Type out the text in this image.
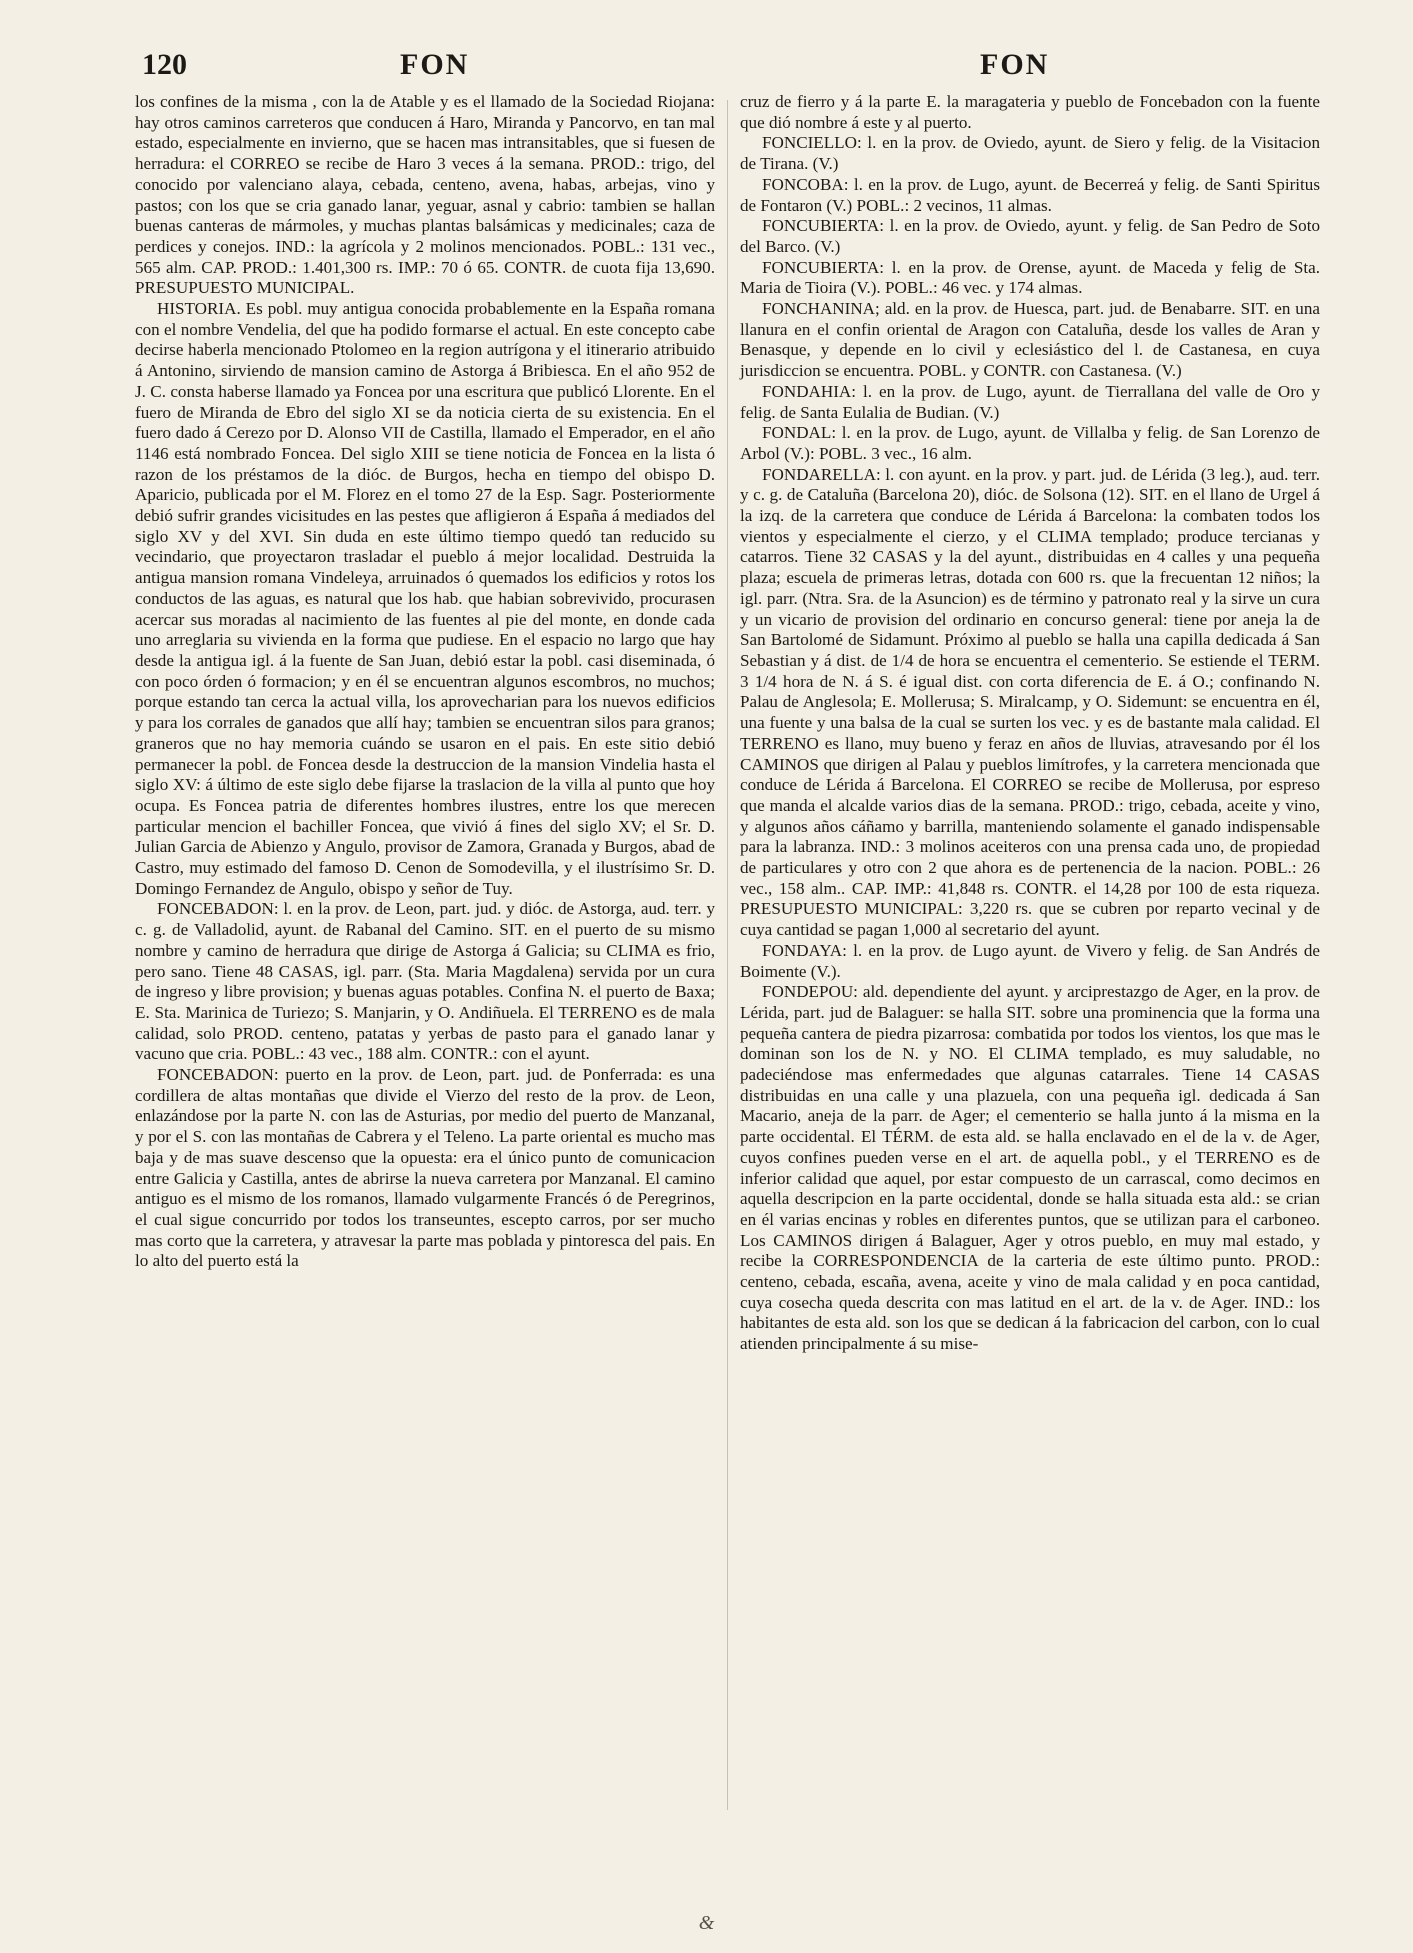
120	FON	FON

los confines de la misma , con la de Atable y es el llamado de la Sociedad Riojana: hay otros caminos carreteros que conducen á Haro, Miranda y Pancorvo, en tan mal estado, especialmente en invierno, que se hacen mas intransitables, que si fuesen de herradura: el CORREO se recibe de Haro 3 veces á la semana. PROD.: trigo, del conocido por valenciano alaya, cebada, centeno, avena, habas, arbejas, vino y pastos; con los que se cria ganado lanar, yeguar, asnal y cabrio: tambien se hallan buenas canteras de mármoles, y muchas plantas balsámicas y medicinales; caza de perdices y conejos. IND.: la agrícola y 2 molinos mencionados. POBL.: 131 vec., 565 alm. CAP. PROD.: 1.401,300 rs. IMP.: 70 ó 65. CONTR. de cuota fija 13,690. PRESUPUESTO MUNICIPAL.

HISTORIA. Es pobl. muy antigua conocida probablemente en la España romana con el nombre Vendelia, del que ha podido formarse el actual. En este concepto cabe decirse haberla mencionado Ptolomeo en la region autrígona y el itinerario atribuido á Antonino, sirviendo de mansion camino de Astorga á Bribiesca. En el año 952 de J. C. consta haberse llamado ya Foncea por una escritura que publicó Llorente. En el fuero de Miranda de Ebro del siglo XI se da noticia cierta de su existencia. En el fuero dado á Cerezo por D. Alonso VII de Castilla, llamado el Emperador, en el año 1146 está nombrado Foncea. Del siglo XIII se tiene noticia de Foncea en la lista ó razon de los préstamos de la dióc. de Burgos, hecha en tiempo del obispo D. Aparicio, publicada por el M. Florez en el tomo 27 de la Esp. Sagr. Posteriormente debió sufrir grandes vicisitudes en las pestes que afligieron á España á mediados del siglo XV y del XVI. Sin duda en este último tiempo quedó tan reducido su vecindario, que proyectaron trasladar el pueblo á mejor localidad. Destruida la antigua mansion romana Vindeleya, arruinados ó quemados los edificios y rotos los conductos de las aguas, es natural que los hab. que habian sobrevivido, procurasen acercar sus moradas al nacimiento de las fuentes al pie del monte, en donde cada uno arreglaria su vivienda en la forma que pudiese. En el espacio no largo que hay desde la antigua igl. á la fuente de San Juan, debió estar la pobl. casi diseminada, ó con poco órden ó formacion; y en él se encuentran algunos escombros, no muchos; porque estando tan cerca la actual villa, los aprovecharian para los nuevos edificios y para los corrales de ganados que allí hay; tambien se encuentran silos para granos; graneros que no hay memoria cuándo se usaron en el pais. En este sitio debió permanecer la pobl. de Foncea desde la destruccion de la mansion Vindelia hasta el siglo XV: á último de este siglo debe fijarse la traslacion de la villa al punto que hoy ocupa. Es Foncea patria de diferentes hombres ilustres, entre los que merecen particular mencion el bachiller Foncea, que vivió á fines del siglo XV; el Sr. D. Julian Garcia de Abienzo y Angulo, provisor de Zamora, Granada y Burgos, abad de Castro, muy estimado del famoso D. Cenon de Somodevilla, y el ilustrísimo Sr. D. Domingo Fernandez de Angulo, obispo y señor de Tuy.

FONCEBADON: l. en la prov. de Leon, part. jud. y dióc. de Astorga, aud. terr. y c. g. de Valladolid, ayunt. de Rabanal del Camino. SIT. en el puerto de su mismo nombre y camino de herradura que dirige de Astorga á Galicia; su CLIMA es frio, pero sano. Tiene 48 CASAS, igl. parr. (Sta. Maria Magdalena) servida por un cura de ingreso y libre provision; y buenas aguas potables. Confina N. el puerto de Baxa; E. Sta. Marinica de Turiezo; S. Manjarin, y O. Andiñuela. El TERRENO es de mala calidad, solo PROD. centeno, patatas y yerbas de pasto para el ganado lanar y vacuno que cria. POBL.: 43 vec., 188 alm. CONTR.: con el ayunt.

FONCEBADON: puerto en la prov. de Leon, part. jud. de Ponferrada: es una cordillera de altas montañas que divide el Vierzo del resto de la prov. de Leon, enlazándose por la parte N. con las de Asturias, por medio del puerto de Manzanal, y por el S. con las montañas de Cabrera y el Teleno. La parte oriental es mucho mas baja y de mas suave descenso que la opuesta: era el único punto de comunicacion entre Galicia y Castilla, antes de abrirse la nueva carretera por Manzanal. El camino antiguo es el mismo de los romanos, llamado vulgarmente Francés ó de Peregrinos, el cual sigue concurrido por todos los transeuntes, escepto carros, por ser mucho mas corto que la carretera, y atravesar la parte mas poblada y pintoresca del pais. En lo alto del puerto está la

cruz de fierro y á la parte E. la maragateria y pueblo de Foncebadon con la fuente que dió nombre á este y al puerto.

FONCIELLO: l. en la prov. de Oviedo, ayunt. de Siero y felig. de la Visitacion de Tirana. (V.)

FONCOBA: l. en la prov. de Lugo, ayunt. de Becerreá y felig. de Santi Spiritus de Fontaron (V.) POBL.: 2 vecinos, 11 almas.

FONCUBIERTA: l. en la prov. de Oviedo, ayunt. y felig. de San Pedro de Soto del Barco. (V.)

FONCUBIERTA: l. en la prov. de Orense, ayunt. de Maceda y felig de Sta. Maria de Tioira (V.). POBL.: 46 vec. y 174 almas.

FONCHANINA; ald. en la prov. de Huesca, part. jud. de Benabarre. SIT. en una llanura en el confin oriental de Aragon con Cataluña, desde los valles de Aran y Benasque, y depende en lo civil y eclesiástico del l. de Castanesa, en cuya jurisdiccion se encuentra. POBL. y CONTR. con Castanesa. (V.)

FONDAHIA: l. en la prov. de Lugo, ayunt. de Tierrallana del valle de Oro y felig. de Santa Eulalia de Budian. (V.)

FONDAL: l. en la prov. de Lugo, ayunt. de Villalba y felig. de San Lorenzo de Arbol (V.): POBL. 3 vec., 16 alm.

FONDARELLA: l. con ayunt. en la prov. y part. jud. de Lérida (3 leg.), aud. terr. y c. g. de Cataluña (Barcelona 20), dióc. de Solsona (12). SIT. en el llano de Urgel á la izq. de la carretera que conduce de Lérida á Barcelona: la combaten todos los vientos y especialmente el cierzo, y el CLIMA templado; produce tercianas y catarros. Tiene 32 CASAS y la del ayunt., distribuidas en 4 calles y una pequeña plaza; escuela de primeras letras, dotada con 600 rs. que la frecuentan 12 niños; la igl. parr. (Ntra. Sra. de la Asuncion) es de término y patronato real y la sirve un cura y un vicario de provision del ordinario en concurso general: tiene por aneja la de San Bartolomé de Sidamunt. Próximo al pueblo se halla una capilla dedicada á San Sebastian y á dist. de 1/4 de hora se encuentra el cementerio. Se estiende el TERM. 3 1/4 hora de N. á S. é igual dist. con corta diferencia de E. á O.; confinando N. Palau de Anglesola; E. Mollerusa; S. Miralcamp, y O. Sidemunt: se encuentra en él, una fuente y una balsa de la cual se surten los vec. y es de bastante mala calidad. El TERRENO es llano, muy bueno y feraz en años de lluvias, atravesando por él los CAMINOS que dirigen al Palau y pueblos limítrofes, y la carretera mencionada que conduce de Lérida á Barcelona. El CORREO se recibe de Mollerusa, por espreso que manda el alcalde varios dias de la semana. PROD.: trigo, cebada, aceite y vino, y algunos años cáñamo y barrilla, manteniendo solamente el ganado indispensable para la labranza. IND.: 3 molinos aceiteros con una prensa cada uno, de propiedad de particulares y otro con 2 que ahora es de pertenencia de la nacion. POBL.: 26 vec., 158 alm.. CAP. IMP.: 41,848 rs. CONTR. el 14,28 por 100 de esta riqueza. PRESUPUESTO MUNICIPAL: 3,220 rs. que se cubren por reparto vecinal y de cuya cantidad se pagan 1,000 al secretario del ayunt.

FONDAYA: l. en la prov. de Lugo ayunt. de Vivero y felig. de San Andrés de Boimente (V.).

FONDEPOU: ald. dependiente del ayunt. y arciprestazgo de Ager, en la prov. de Lérida, part. jud de Balaguer: se halla SIT. sobre una prominencia que la forma una pequeña cantera de piedra pizarrosa: combatida por todos los vientos, los que mas le dominan son los de N. y NO. El CLIMA templado, es muy saludable, no padeciéndose mas enfermedades que algunas catarrales. Tiene 14 CASAS distribuidas en una calle y una plazuela, con una pequeña igl. dedicada á San Macario, aneja de la parr. de Ager; el cementerio se halla junto á la misma en la parte occidental. El TÉRM. de esta ald. se halla enclavado en el de la v. de Ager, cuyos confines pueden verse en el art. de aquella pobl., y el TERRENO es de inferior calidad que aquel, por estar compuesto de un carrascal, como decimos en aquella descripcion en la parte occidental, donde se halla situada esta ald.: se crian en él varias encinas y robles en diferentes puntos, que se utilizan para el carboneo. Los CAMINOS dirigen á Balaguer, Ager y otros pueblo, en muy mal estado, y recibe la CORRESPONDENCIA de la carteria de este último punto. PROD.: centeno, cebada, escaña, avena, aceite y vino de mala calidad y en poca cantidad, cuya cosecha queda descrita con mas latitud en el art. de la v. de Ager. IND.: los habitantes de esta ald. son los que se dedican á la fabricacion del carbon, con lo cual atienden principalmente á su mise-

&
